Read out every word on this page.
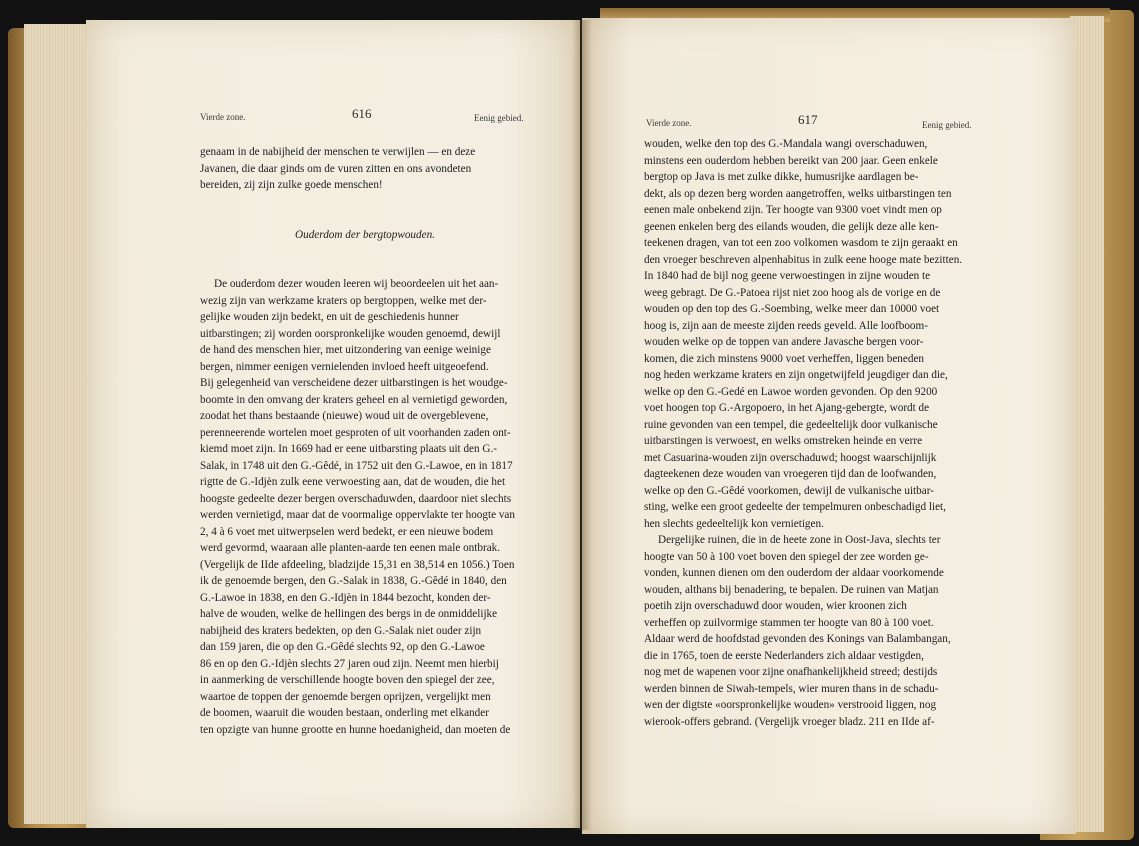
Vierde zone.	616	Eenig gebied.	Vierde zone.	617	Eenig gebied.
genaam in de nabijheid der menschen te verwijlen — en deze
Javanen, die daar ginds om de vuren zitten en ons avondeten
bereiden, zij zijn zulke goede menschen!
Ouderdom der bergtopwouden.
De ouderdom dezer wouden leeren wij beoordeelen uit het aan-
wezig zijn van werkzame kraters op bergtoppen, welke met der-
gelijke wouden zijn bedekt, en uit de geschiedenis hunner
uitbarstingen; zij worden oorspronkelijke wouden genoemd, dewijl
de hand des menschen hier, met uitzondering van eenige weinige
bergen, nimmer eenigen vernielenden invloed heeft uitgeoefend.
Bij gelegenheid van verscheidene dezer uitbarstingen is het woudge-
boomte in den omvang der kraters geheel en al vernietigd geworden,
zoodat het thans bestaande (nieuwe) woud uit de overgeblevene,
perenneerende wortelen moet gesproten of uit voorhanden zaden ont-
kiemd moet zijn. In 1669 had er eene uitbarsting plaats uit den G.-
Salak, in 1748 uit den G.-Gêdé, in 1752 uit den G.-Lawoe, en in 1817
rigtte de G.-Idjèn zulk eene verwoesting aan, dat de wouden, die het
hoogste gedeelte dezer bergen overschaduwden, daardoor niet slechts
werden vernietigd, maar dat de voormalige oppervlakte ter hoogte van
2, 4 à 6 voet met uitwerpselen werd bedekt, er een nieuwe bodem
werd gevormd, waaraan alle planten-aarde ten eenen male ontbrak.
(Vergelijk de IIde afdeeling, bladzijde 15,31 en 38,514 en 1056.) Toen
ik de genoemde bergen, den G.-Salak in 1838, G.-Gêdé in 1840, den
G.-Lawoe in 1838, en den G.-Idjèn in 1844 bezocht, konden der-
halve de wouden, welke de hellingen des bergs in de onmiddelijke
nabijheid des kraters bedekten, op den G.-Salak niet ouder zijn
dan 159 jaren, die op den G.-Gêdé slechts 92, op den G.-Lawoe
86 en op den G.-Idjèn slechts 27 jaren oud zijn. Neemt men hierbij
in aanmerking de verschillende hoogte boven den spiegel der zee,
waartoe de toppen der genoemde bergen oprijzen, vergelijkt men
de boomen, waaruit die wouden bestaan, onderling met elkander
ten opzigte van hunne grootte en hunne hoedanigheid, dan moeten de
wouden, welke den top des G.-Mandala wangi overschaduwen,
minstens een ouderdom hebben bereikt van 200 jaar. Geen enkele
bergtop op Java is met zulke dikke, humusrijke aardlagen be-
dekt, als op dezen berg worden aangetroffen, welks uitbarstingen ten
eenen male onbekend zijn. Ter hoogte van 9300 voet vindt men op
geenen enkelen berg des eilands wouden, die gelijk deze alle ken-
teekenen dragen, van tot een zoo volkomen wasdom te zijn geraakt en
den vroeger beschreven alpenhabitus in zulk eene hooge mate bezitten.
In 1840 had de bijl nog geene verwoestingen in zijne wouden te
weeg gebragt. De G.-Patoea rijst niet zoo hoog als de vorige en de
wouden op den top des G.-Soembing, welke meer dan 10000 voet
hoog is, zijn aan de meeste zijden reeds geveld. Alle loofboom-
wouden welke op de toppen van andere Javasche bergen voor-
komen, die zich minstens 9000 voet verheffen, liggen beneden
nog heden werkzame kraters en zijn ongetwijfeld jeugdiger dan die,
welke op den G.-Gedé en Lawoe worden gevonden. Op den 9200
voet hoogen top G.-Argopoero, in het Ajang-gebergte, wordt de
ruine gevonden van een tempel, die gedeeltelijk door vulkanische
uitbarstingen is verwoest, en welks omstreken heinde en verre
met Casuarina-wouden zijn overschaduwd; hoogst waarschijnlijk
dagteekenen deze wouden van vroegeren tijd dan de loofwanden,
welke op den G.-Gêdé voorkomen, dewijl de vulkanische uitbar-
sting, welke een groot gedeelte der tempelmuren onbeschadigd liet,
hen slechts gedeeltelijk kon vernietigen.
Dergelijke ruinen, die in de heete zone in Oost-Java, slechts ter
hoogte van 50 à 100 voet boven den spiegel der zee worden ge-
vonden, kunnen dienen om den ouderdom der aldaar voorkomende
wouden, althans bij benadering, te bepalen. De ruinen van Matjan
poetih zijn overschaduwd door wouden, wier kroonen zich
verheffen op zuilvormige stammen ter hoogte van 80 à 100 voet.
Aldaar werd de hoofdstad gevonden des Konings van Balambangan,
die in 1765, toen de eerste Nederlanders zich aldaar vestigden,
nog met de wapenen voor zijne onafhankelijkheid streed; destijds
werden binnen de Siwah-tempels, wier muren thans in de schadu-
wen der digtste «oorspronkelijke wouden» verstrooid liggen, nog
wierook-offers gebrand. (Vergelijk vroeger bladz. 211 en IIde af-
